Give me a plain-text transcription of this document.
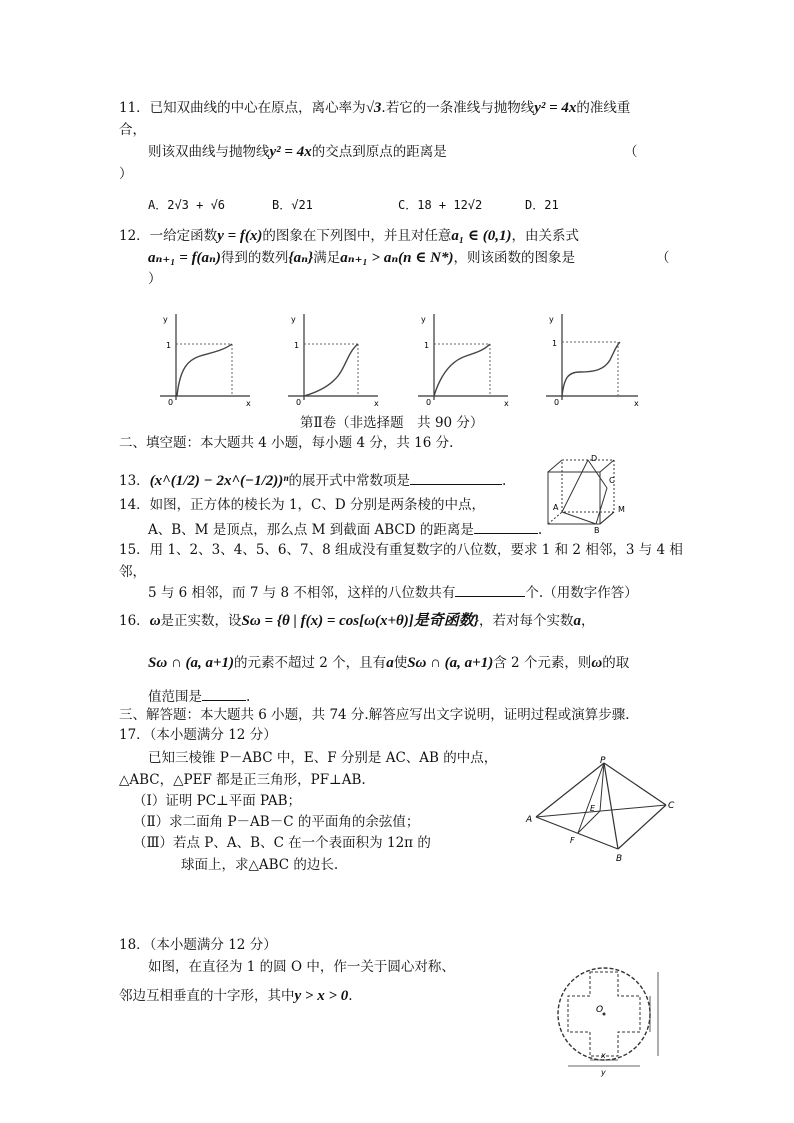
11．已知双曲线的中心在原点，离心率为√3.若它的一条准线与抛物线y² = 4x的准线重
合，
则该双曲线与抛物线y² = 4x的交点到原点的距离是	（
）
A．2√3 + √6	B．√21	C．18 + 12√2	D．21
12．一给定函数y = f(x)的图象在下列图中，并且对任意a₁ ∈ (0,1)，由关系式
aₙ₊₁ = f(aₙ)得到的数列{aₙ}满足aₙ₊₁ > aₙ(n ∈ N*)，则该函数的图象是	（
）
y
1
0	x
y
1
0	x
y
1
0	x
y
1
0	x
第Ⅱ卷（非选择题　共 90 分）
二、填空题：本大题共 4 小题，每小题 4 分，共 16 分.
13．(x^(1/2) − 2x^(−1/2))ⁿ的展开式中常数项是	.
14．如图，正方体的棱长为 1，C、D 分别是两条棱的中点，
A、B、M 是顶点，那么点 M 到截面 ABCD 的距离是	.
D
C
A
B
M
15．用 1、2、3、4、5、6、7、8 组成没有重复数字的八位数，要求 1 和 2 相邻，3 与 4 相
邻，
5 与 6 相邻，而 7 与 8 不相邻，这样的八位数共有	个.（用数字作答）
16．ω是正实数，设Sω = {θ | f(x) = cos[ω(x+θ)]是奇函数}，若对每个实数a，
Sω ∩ (a, a+1)的元素不超过 2 个，且有a使Sω ∩ (a, a+1)含 2 个元素，则ω的取
值范围是	.
三、解答题：本大题共 6 小题，共 74 分.解答应写出文字说明，证明过程或演算步骤.
17．（本小题满分 12 分）
已知三棱锥 P－ABC 中，E、F 分别是 AC、AB 的中点，
△ABC，△PEF 都是正三角形，PF⊥AB.
（Ⅰ）证明 PC⊥平面 PAB；
（Ⅱ）求二面角 P－AB－C 的平面角的余弦值；
（Ⅲ）若点 P、A、B、C 在一个表面积为 12π 的
球面上，求△ABC 的边长.
P
A
B
C
E
F
18．（本小题满分 12 分）
如图，在直径为 1 的圆 O 中，作一关于圆心对称、
邻边互相垂直的十字形，其中y > x > 0.
O
x
y
